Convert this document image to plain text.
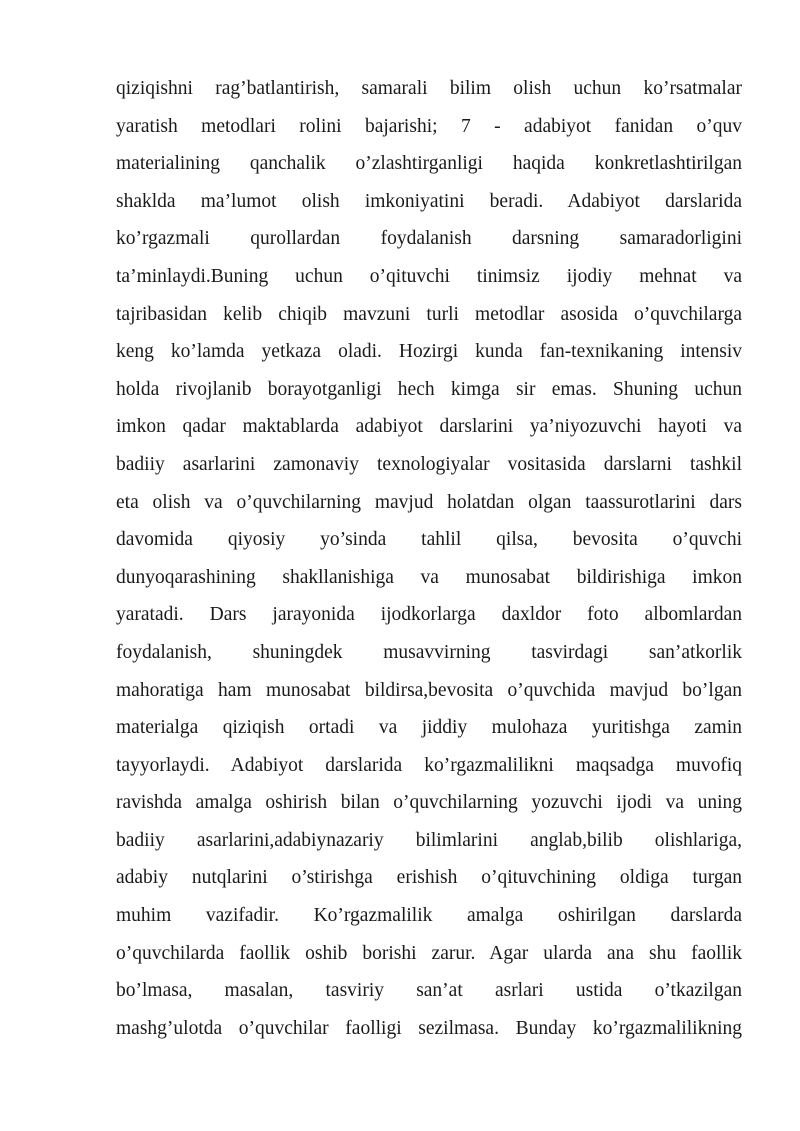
qiziqishni rag’batlantirish, samarali bilim olish uchun ko’rsatmalar
yaratish metodlari rolini bajarishi; 7 - adabiyot fanidan o’quv
materialining qanchalik o’zlashtirganligi haqida konkretlashtirilgan
shaklda ma’lumot olish imkoniyatini beradi. Adabiyot darslarida
ko’rgazmali qurollardan foydalanish darsning samaradorligini
ta’minlaydi.Buning uchun o’qituvchi tinimsiz ijodiy mehnat va
tajribasidan kelib chiqib mavzuni turli metodlar asosida o’quvchilarga
keng ko’lamda yetkaza oladi. Hozirgi kunda fan-texnikaning intensiv
holda rivojlanib borayotganligi hech kimga sir emas. Shuning uchun
imkon qadar maktablarda adabiyot darslarini ya’niyozuvchi hayoti va
badiiy asarlarini zamonaviy texnologiyalar vositasida darslarni tashkil
eta olish va o’quvchilarning mavjud holatdan olgan taassurotlarini dars
davomida qiyosiy yo’sinda tahlil qilsa, bevosita o’quvchi
dunyoqarashining shakllanishiga va munosabat bildirishiga imkon
yaratadi. Dars jarayonida ijodkorlarga daxldor foto albomlardan
foydalanish, shuningdek musavvirning tasvirdagi san’atkorlik
mahoratiga ham munosabat bildirsa,bevosita o’quvchida mavjud bo’lgan
materialga qiziqish ortadi va jiddiy mulohaza yuritishga zamin
tayyorlaydi. Adabiyot darslarida ko’rgazmalilikni maqsadga muvofiq
ravishda amalga oshirish bilan o’quvchilarning yozuvchi ijodi va uning
badiiy asarlarini,adabiynazariy bilimlarini anglab,bilib olishlariga,
adabiy nutqlarini o’stirishga erishish o’qituvchining oldiga turgan
muhim vazifadir. Ko’rgazmalilik amalga oshirilgan darslarda
o’quvchilarda faollik oshib borishi zarur. Agar ularda ana shu faollik
bo’lmasa, masalan, tasviriy san’at asrlari ustida o’tkazilgan
mashg’ulotda o’quvchilar faolligi sezilmasa. Bunday ko’rgazmalilikning
